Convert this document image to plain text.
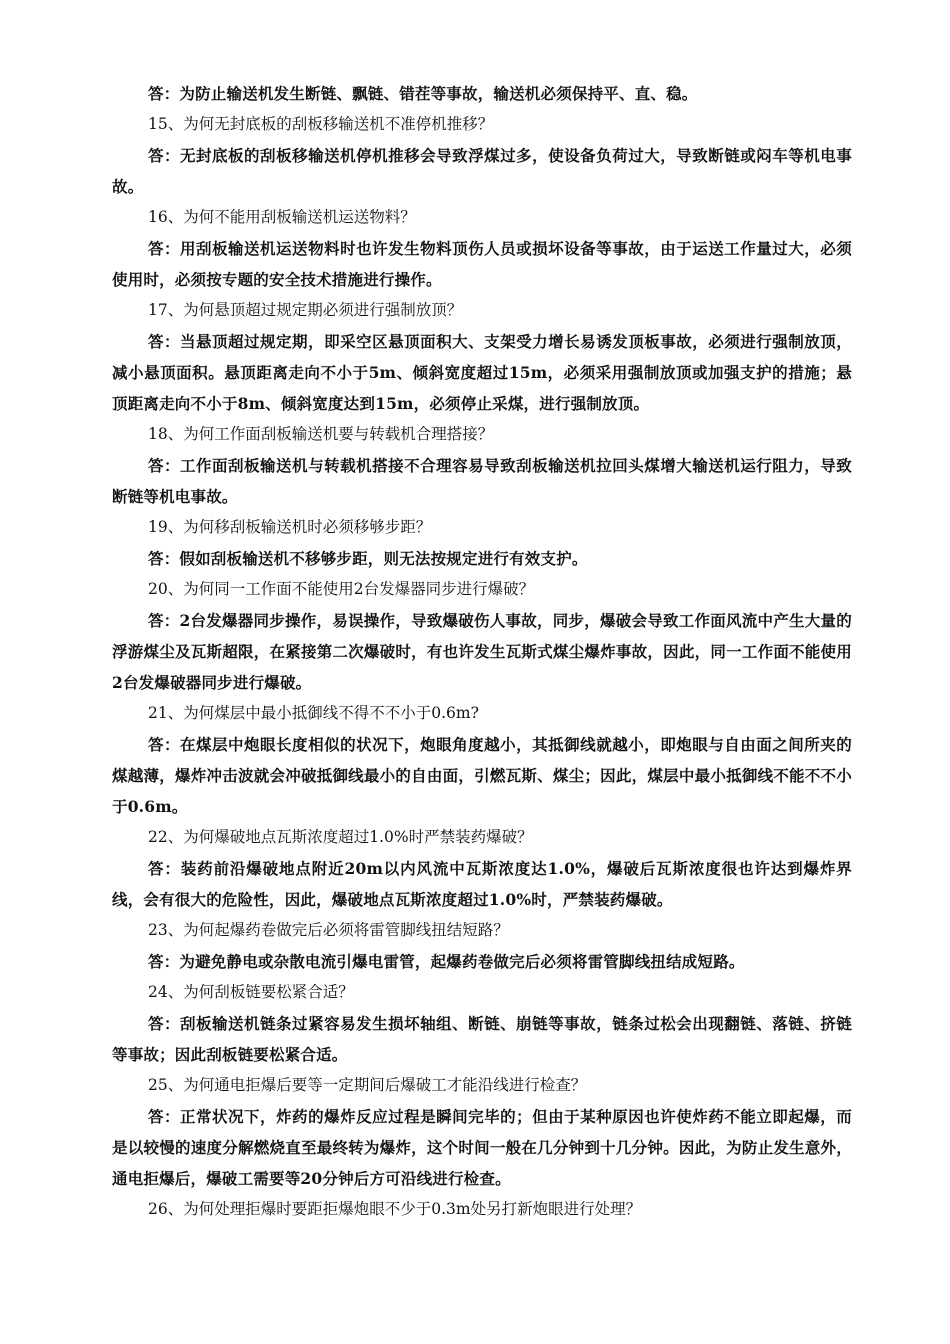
答：为防止输送机发生断链、飘链、错茬等事故，输送机必须保持平、直、稳。

15、为何无封底板的刮板移输送机不准停机推移？

答：无封底板的刮板移输送机停机推移会导致浮煤过多，使设备负荷过大，导致断链或闷车等机电事故。

16、为何不能用刮板输送机运送物料？

答：用刮板输送机运送物料时也许发生物料顶伤人员或损坏设备等事故，由于运送工作量过大，必须使用时，必须按专题的安全技术措施进行操作。

17、为何悬顶超过规定期必须进行强制放顶？

答：当悬顶超过规定期，即采空区悬顶面积大、支架受力增长易诱发顶板事故，必须进行强制放顶，减小悬顶面积。悬顶距离走向不小于5m、倾斜宽度超过15m，必须采用强制放顶或加强支护的措施；悬顶距离走向不小于8m、倾斜宽度达到15m，必须停止采煤，进行强制放顶。

18、为何工作面刮板输送机要与转载机合理搭接？

答：工作面刮板输送机与转载机搭接不合理容易导致刮板输送机拉回头煤增大输送机运行阻力，导致断链等机电事故。

19、为何移刮板输送机时必须移够步距？

答：假如刮板输送机不移够步距，则无法按规定进行有效支护。

20、为何同一工作面不能使用2台发爆器同步进行爆破？

答：2台发爆器同步操作，易误操作，导致爆破伤人事故，同步，爆破会导致工作面风流中产生大量的浮游煤尘及瓦斯超限，在紧接第二次爆破时，有也许发生瓦斯式煤尘爆炸事故，因此，同一工作面不能使用2台发爆破器同步进行爆破。

21、为何煤层中最小抵御线不得不不小于0.6m?

答：在煤层中炮眼长度相似的状况下，炮眼角度越小，其抵御线就越小，即炮眼与自由面之间所夹的煤越薄，爆炸冲击波就会冲破抵御线最小的自由面，引燃瓦斯、煤尘；因此，煤层中最小抵御线不能不不小于0.6m。

22、为何爆破地点瓦斯浓度超过1.0%时严禁装药爆破？

答：装药前沿爆破地点附近20m以内风流中瓦斯浓度达1.0%，爆破后瓦斯浓度很也许达到爆炸界线，会有很大的危险性，因此，爆破地点瓦斯浓度超过1.0%时，严禁装药爆破。

23、为何起爆药卷做完后必须将雷管脚线扭结短路？

答：为避免静电或杂散电流引爆电雷管，起爆药卷做完后必须将雷管脚线扭结成短路。

24、为何刮板链要松紧合适？

答：刮板输送机链条过紧容易发生损坏轴组、断链、崩链等事故，链条过松会出现翻链、落链、挤链等事故；因此刮板链要松紧合适。

25、为何通电拒爆后要等一定期间后爆破工才能沿线进行检查？

答：正常状况下，炸药的爆炸反应过程是瞬间完毕的；但由于某种原因也许使炸药不能立即起爆，而是以较慢的速度分解燃烧直至最终转为爆炸，这个时间一般在几分钟到十几分钟。因此，为防止发生意外，通电拒爆后，爆破工需要等20分钟后方可沿线进行检查。

26、为何处理拒爆时要距拒爆炮眼不少于0.3m处另打新炮眼进行处理？
